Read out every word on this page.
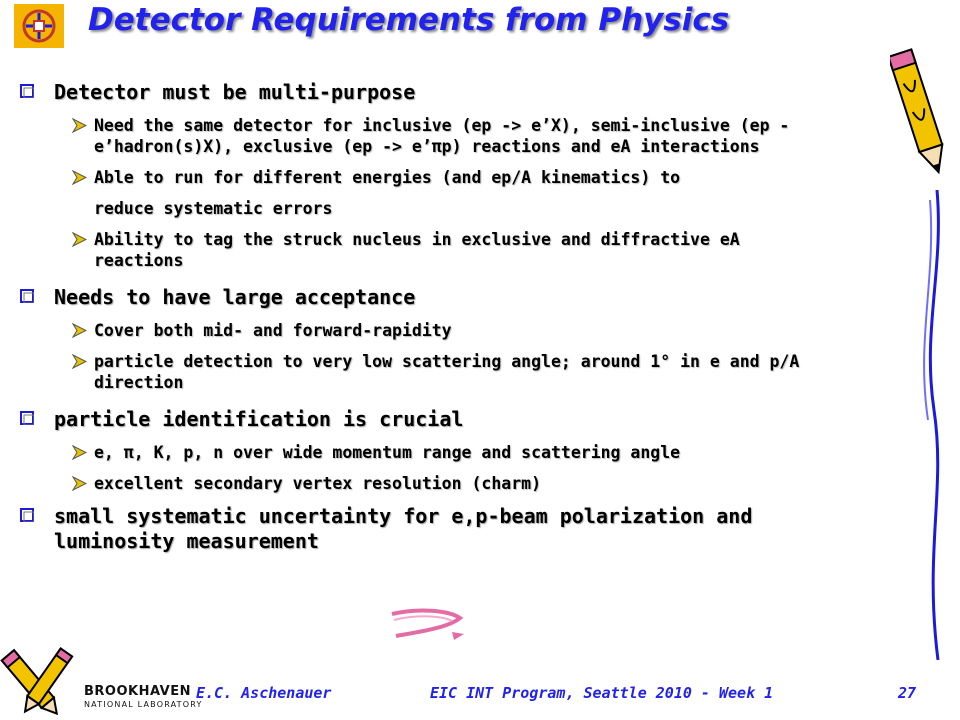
Detector Requirements from Physics
Detector must be multi-purpose
Need the same detector for inclusive (ep -> e’X), semi-inclusive (ep -
e’hadron(s)X), exclusive (ep -> e’πp) reactions and eA interactions
Able to run for different energies (and ep/A kinematics) to
reduce systematic errors
Ability to tag the struck nucleus in exclusive and diffractive eA
reactions
Needs to have large acceptance
Cover both mid- and forward-rapidity
particle detection to very low scattering angle; around 1° in e and p/A
direction
particle identification is crucial
e, π, K, p, n over wide momentum range and scattering angle
excellent secondary vertex resolution (charm)
small systematic uncertainty for e,p-beam polarization and
luminosity measurement
BROOKHAVEN
NATIONAL LABORATORY
E.C. Aschenauer	EIC INT Program, Seattle 2010 - Week 1	27
